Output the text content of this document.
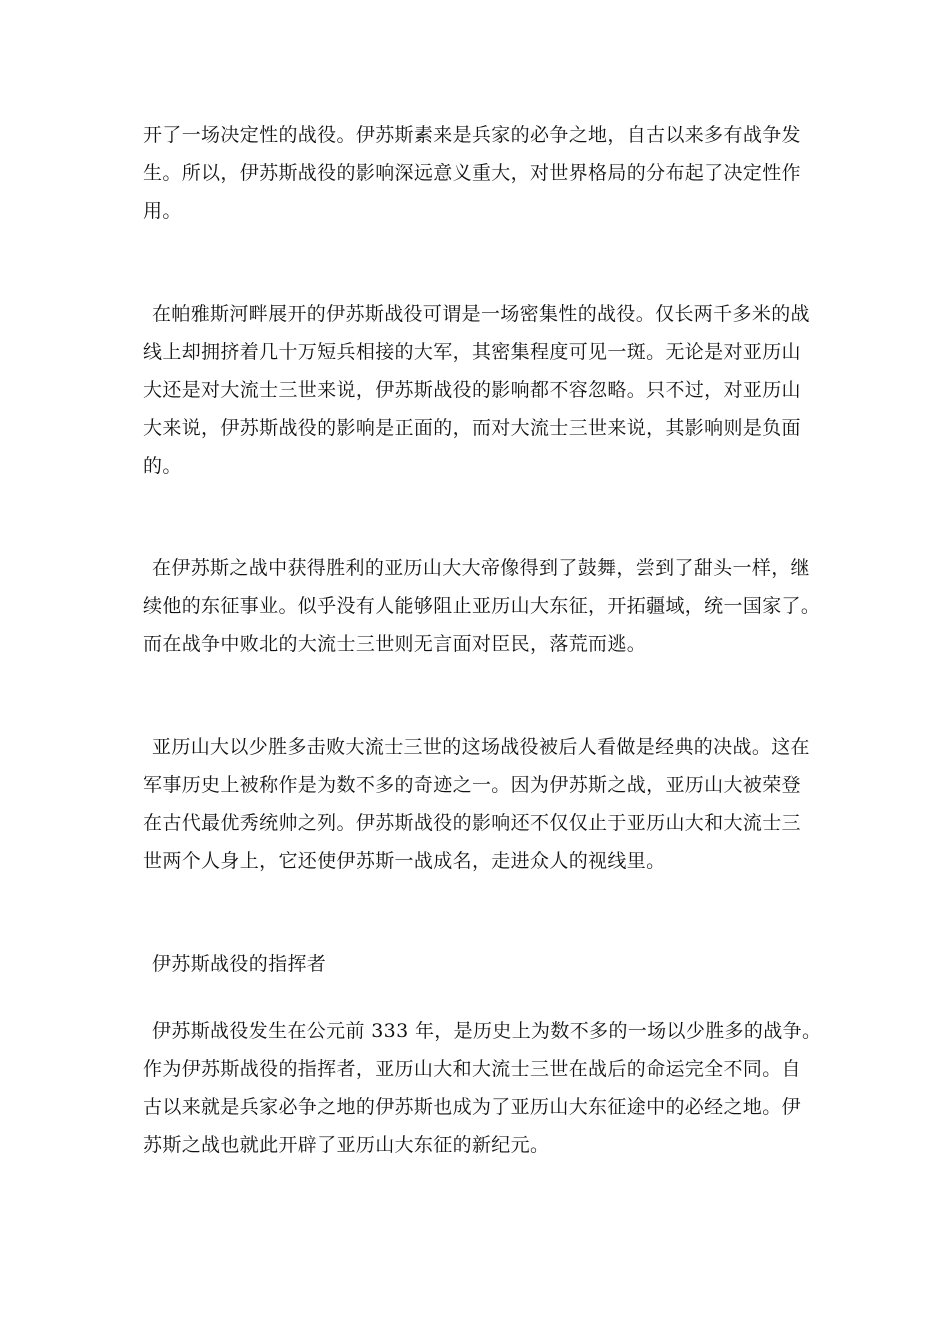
开了一场决定性的战役。伊苏斯素来是兵家的必争之地，自古以来多有战争发
生。所以，伊苏斯战役的影响深远意义重大，对世界格局的分布起了决定性作
用。
在帕雅斯河畔展开的伊苏斯战役可谓是一场密集性的战役。仅长两千多米的战
线上却拥挤着几十万短兵相接的大军，其密集程度可见一斑。无论是对亚历山
大还是对大流士三世来说，伊苏斯战役的影响都不容忽略。只不过，对亚历山
大来说，伊苏斯战役的影响是正面的，而对大流士三世来说，其影响则是负面
的。
在伊苏斯之战中获得胜利的亚历山大大帝像得到了鼓舞，尝到了甜头一样，继
续他的东征事业。似乎没有人能够阻止亚历山大东征，开拓疆域，统一国家了。
而在战争中败北的大流士三世则无言面对臣民，落荒而逃。
亚历山大以少胜多击败大流士三世的这场战役被后人看做是经典的决战。这在
军事历史上被称作是为数不多的奇迹之一。因为伊苏斯之战，亚历山大被荣登
在古代最优秀统帅之列。伊苏斯战役的影响还不仅仅止于亚历山大和大流士三
世两个人身上，它还使伊苏斯一战成名，走进众人的视线里。
伊苏斯战役的指挥者
伊苏斯战役发生在公元前 333 年，是历史上为数不多的一场以少胜多的战争。
作为伊苏斯战役的指挥者，亚历山大和大流士三世在战后的命运完全不同。自
古以来就是兵家必争之地的伊苏斯也成为了亚历山大东征途中的必经之地。伊
苏斯之战也就此开辟了亚历山大东征的新纪元。
